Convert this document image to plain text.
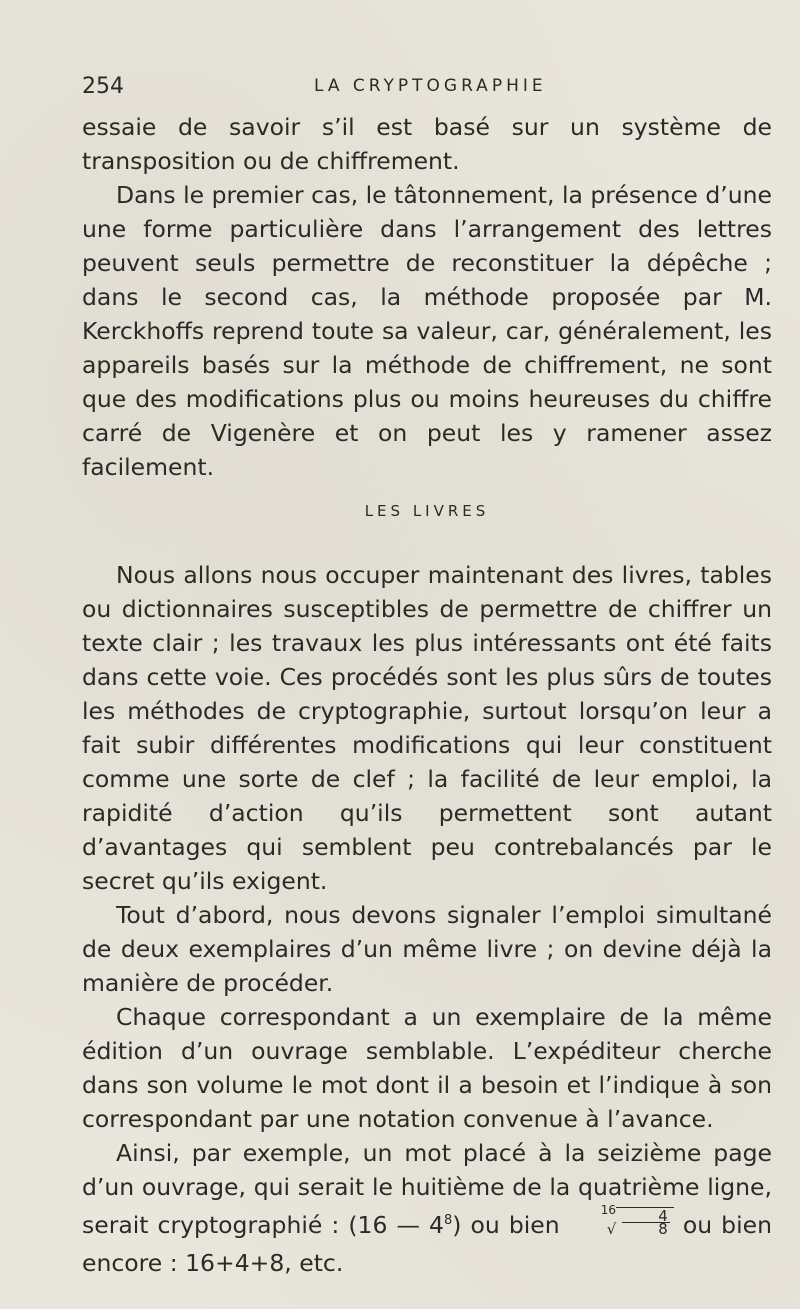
254	LA CRYPTOGRAPHIE

essaie de savoir s’il est basé sur un système de transposition ou de chiffrement.

Dans le premier cas, le tâtonnement, la présence d’une une forme particulière dans l’arrangement des lettres peuvent seuls permettre de reconstituer la dépêche ; dans le second cas, la méthode proposée par M. Kerckhoffs reprend toute sa valeur, car, généralement, les appareils basés sur la méthode de chiffrement, ne sont que des modifications plus ou moins heureuses du chiffre carré de Vigenère et on peut les y ramener assez facilement.

LES LIVRES

Nous allons nous occuper maintenant des livres, tables ou dictionnaires susceptibles de permettre de chiffrer un texte clair ; les travaux les plus intéressants ont été faits dans cette voie. Ces procédés sont les plus sûrs de toutes les méthodes de cryptographie, surtout lorsqu’on leur a fait subir différentes modifications qui leur constituent comme une sorte de clef ; la facilité de leur emploi, la rapidité d’action qu’ils permettent sont autant d’avantages qui semblent peu contrebalancés par le secret qu’ils exigent.

Tout d’abord, nous devons signaler l’emploi simultané de deux exemplaires d’un même livre ; on devine déjà la manière de procéder.

Chaque correspondant a un exemplaire de la même édition d’un ouvrage semblable. L’expéditeur cherche dans son volume le mot dont il a besoin et l’indique à son correspondant par une notation convenue à l’avance.

Ainsi, par exemple, un mot placé à la seizième page d’un ouvrage, qui serait le huitième de la quatrième ligne, serait cryptographié : (16 — $4^8$) ou bien
16
√ $\frac{4}{8}$ ou bien encore : 16+4+8, etc.
